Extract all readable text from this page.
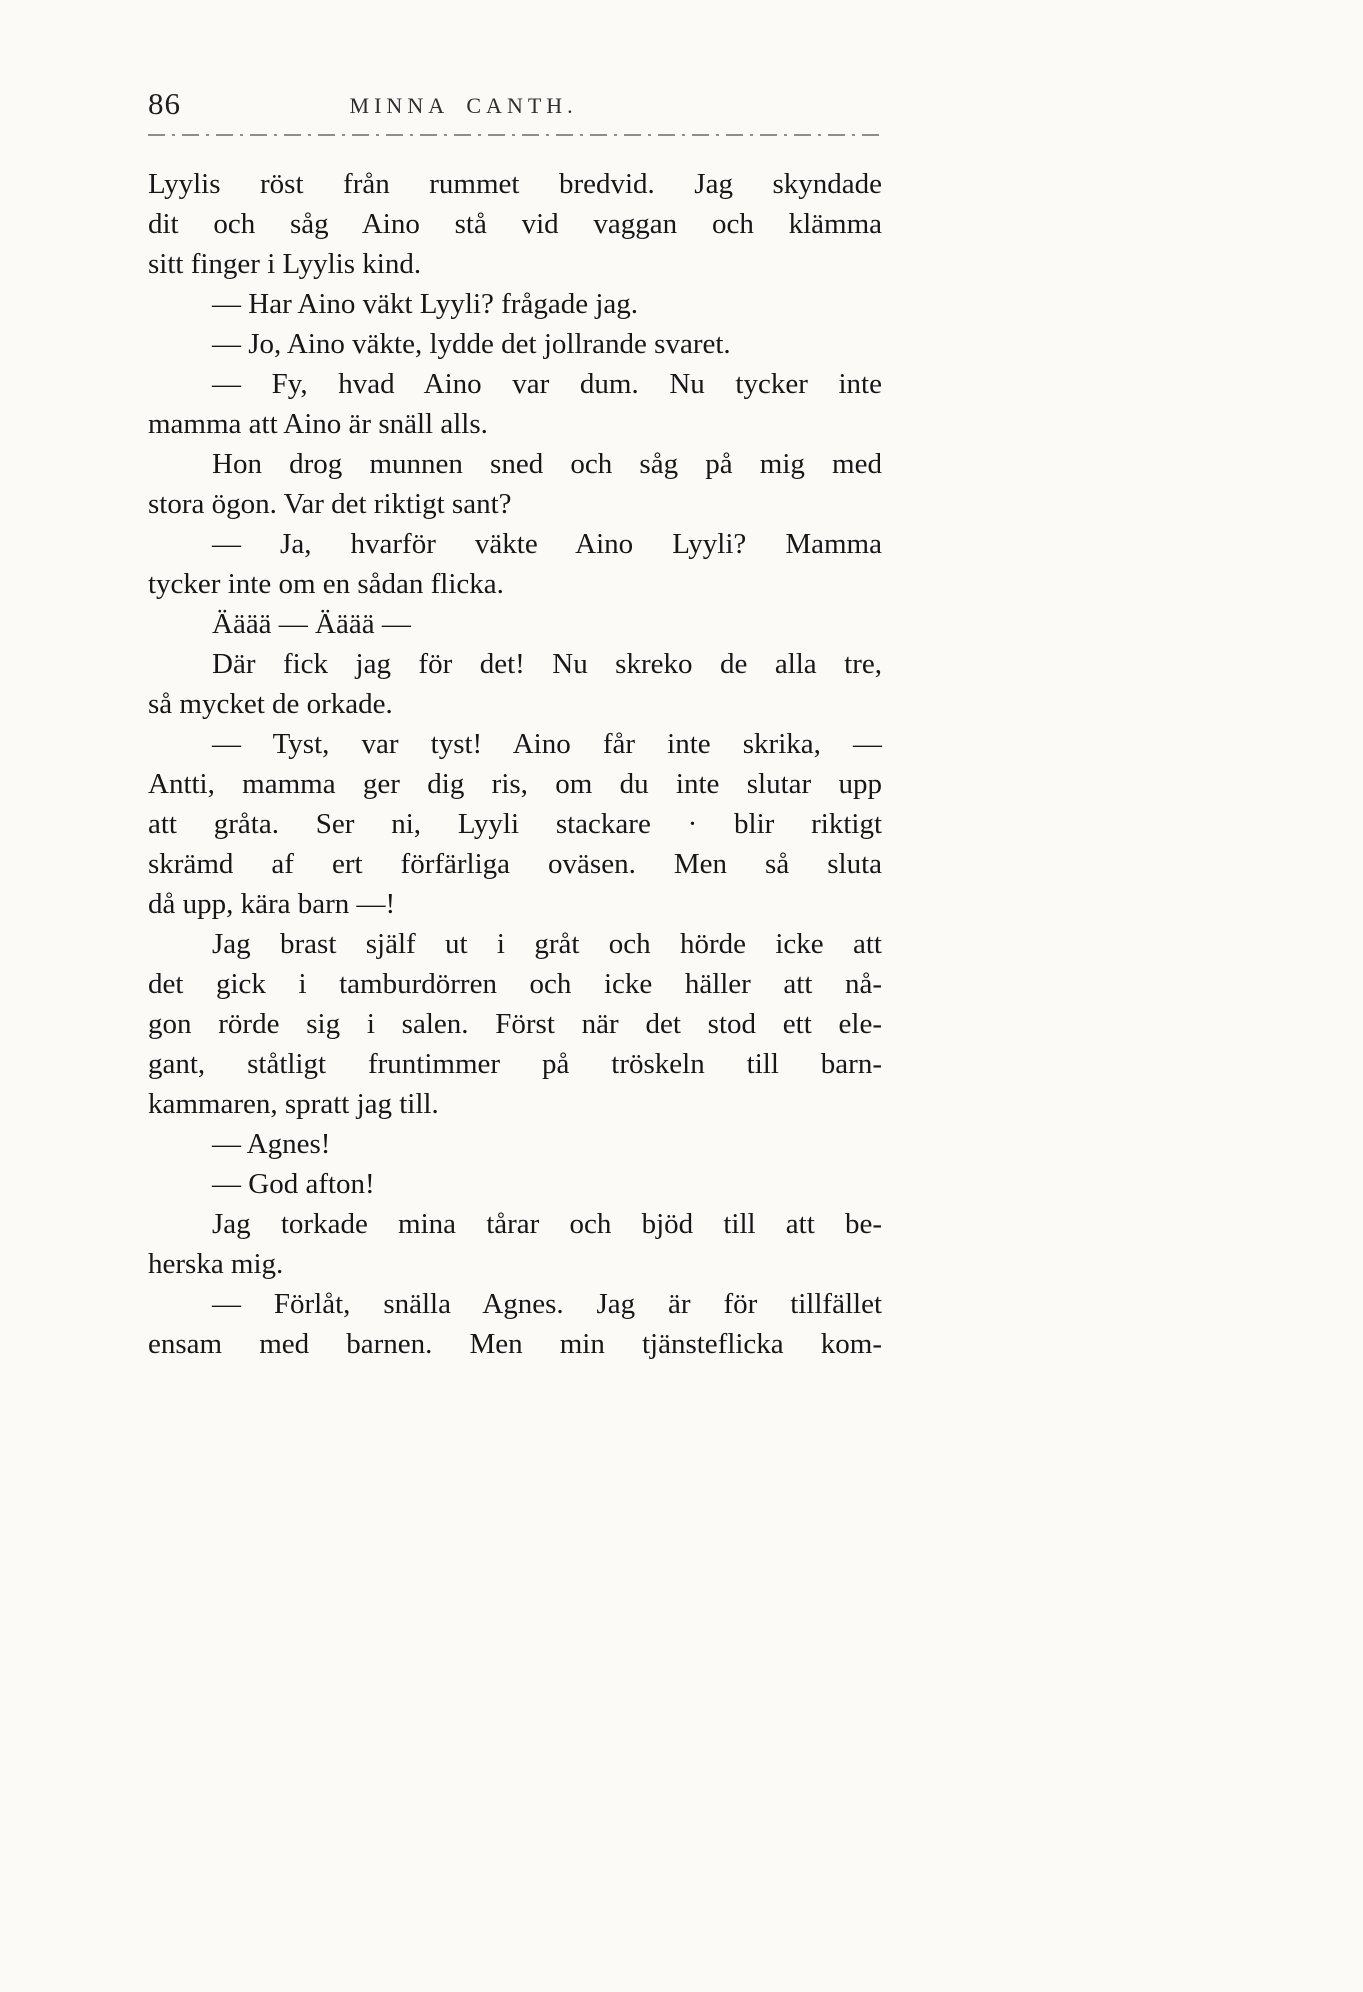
86	MINNA CANTH.
Lyylis röst från rummet bredvid. Jag skyndade
dit och såg Aino stå vid vaggan och klämma
sitt finger i Lyylis kind.
— Har Aino väkt Lyyli? frågade jag.
— Jo, Aino väkte, lydde det jollrande svaret.
— Fy, hvad Aino var dum. Nu tycker inte
mamma att Aino är snäll alls.
Hon drog munnen sned och såg på mig med
stora ögon. Var det riktigt sant?
— Ja, hvarför väkte Aino Lyyli? Mamma
tycker inte om en sådan flicka.
Ääää — Ääää —
Där fick jag för det! Nu skreko de alla tre,
så mycket de orkade.
— Tyst, var tyst! Aino får inte skrika, —
Antti, mamma ger dig ris, om du inte slutar upp
att gråta. Ser ni, Lyyli stackare · blir riktigt
skrämd af ert förfärliga oväsen. Men så sluta
då upp, kära barn —!
Jag brast själf ut i gråt och hörde icke att
det gick i tamburdörren och icke häller att nå-
gon rörde sig i salen. Först när det stod ett ele-
gant, ståtligt fruntimmer på tröskeln till barn-
kammaren, spratt jag till.
— Agnes!
— God afton!
Jag torkade mina tårar och bjöd till att be-
herska mig.
— Förlåt, snälla Agnes. Jag är för tillfället
ensam med barnen. Men min tjänsteflicka kom-
